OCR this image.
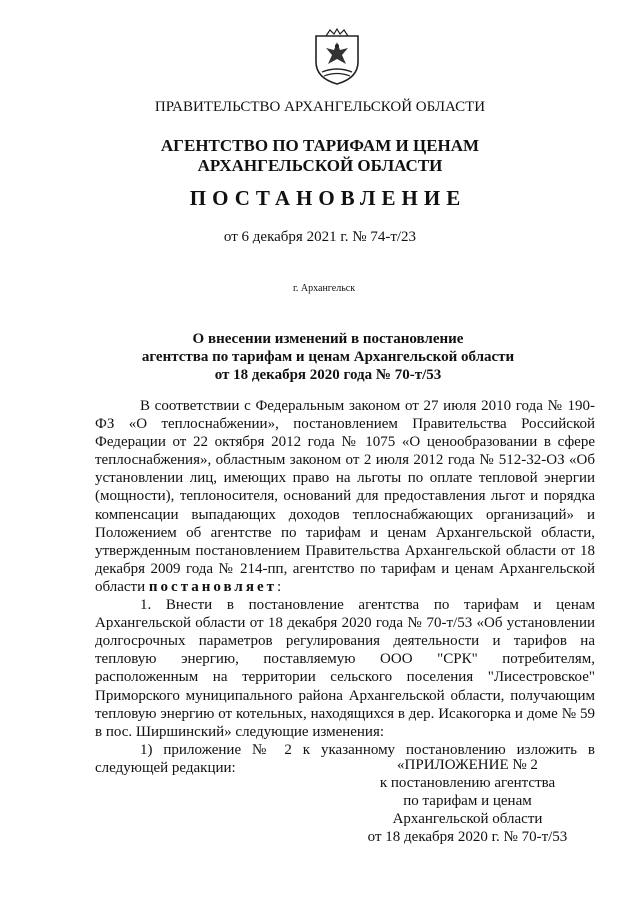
ПРАВИТЕЛЬСТВО АРХАНГЕЛЬСКОЙ ОБЛАСТИ
АГЕНТСТВО ПО ТАРИФАМ И ЦЕНАМ
АРХАНГЕЛЬСКОЙ ОБЛАСТИ
ПОСТАНОВЛЕНИЕ
от 6 декабря 2021 г. № 74-т/23
г. Архангельск
О внесении изменений в постановление
агентства по тарифам и ценам Архангельской области
от 18 декабря 2020 года № 70-т/53

В соответствии с Федеральным законом от 27 июля 2010 года № 190-ФЗ «О теплоснабжении», постановлением Правительства Российской Федерации от 22 октября 2012 года № 1075 «О ценообразовании в сфере теплоснабжения», областным законом от 2 июля 2012 года № 512-32-ОЗ «Об установлении лиц, имеющих право на льготы по оплате тепловой энергии (мощности), теплоносителя, оснований для предоставления льгот и порядка компенсации выпадающих доходов теплоснабжающих организаций» и Положением об агентстве по тарифам и ценам Архангельской области, утвержденным постановлением Правительства Архангельской области от 18 декабря 2009 года № 214-пп, агентство по тарифам и ценам Архангельской области постановляет:

1. Внести в постановление агентства по тарифам и ценам Архангельской области от 18 декабря 2020 года № 70-т/53 «Об установлении долгосрочных параметров регулирования деятельности и тарифов на тепловую энергию, поставляемую ООО "СРК" потребителям, расположенным на территории сельского поселения "Лисестровское" Приморского муниципального района Архангельской области, получающим тепловую энергию от котельных, находящихся в дер. Исакогорка и доме № 59 в пос. Ширшинский» следующие изменения:

1) приложение № 2 к указанному постановлению изложить в следующей редакции:	«ПРИЛОЖЕНИЕ № 2
к постановлению агентства
по тарифам и ценам
Архангельской области
от 18 декабря 2020 г. № 70-т/53
